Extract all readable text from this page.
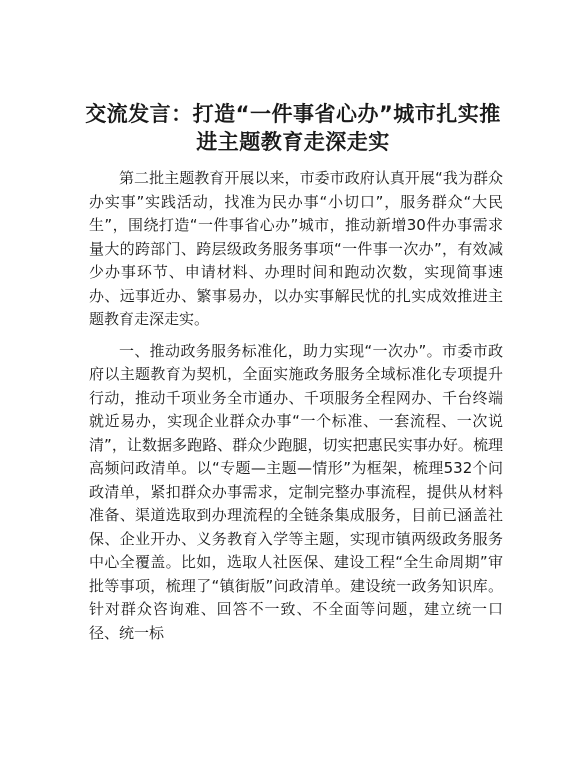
交流发言：打造“一件事省心办”城市扎实推
进主题教育走深走实

第二批主题教育开展以来，市委市政府认真开展“我为群众办实事”实践活动，找准为民办事“小切口”，服务群众“大民生”，围绕打造“一件事省心办”城市，推动新增30件办事需求量大的跨部门、跨层级政务服务事项“一件事一次办”，有效减少办事环节、申请材料、办理时间和跑动次数，实现简事速办、远事近办、繁事易办，以办实事解民忧的扎实成效推进主题教育走深走实。

一、推动政务服务标准化，助力实现“一次办”。市委市政府以主题教育为契机，全面实施政务服务全域标准化专项提升行动，推动千项业务全市通办、千项服务全程网办、千台终端就近易办，实现企业群众办事“一个标准、一套流程、一次说清”，让数据多跑路、群众少跑腿，切实把惠民实事办好。梳理高频问政清单。以“专题—主题—情形”为框架，梳理532个问政清单，紧扣群众办事需求，定制完整办事流程，提供从材料准备、渠道选取到办理流程的全链条集成服务，目前已涵盖社保、企业开办、义务教育入学等主题，实现市镇两级政务服务中心全覆盖。比如，选取人社医保、建设工程“全生命周期”审批等事项，梳理了“镇街版”问政清单。建设统一政务知识库。针对群众咨询难、回答不一致、不全面等问题，建立统一口径、统一标
